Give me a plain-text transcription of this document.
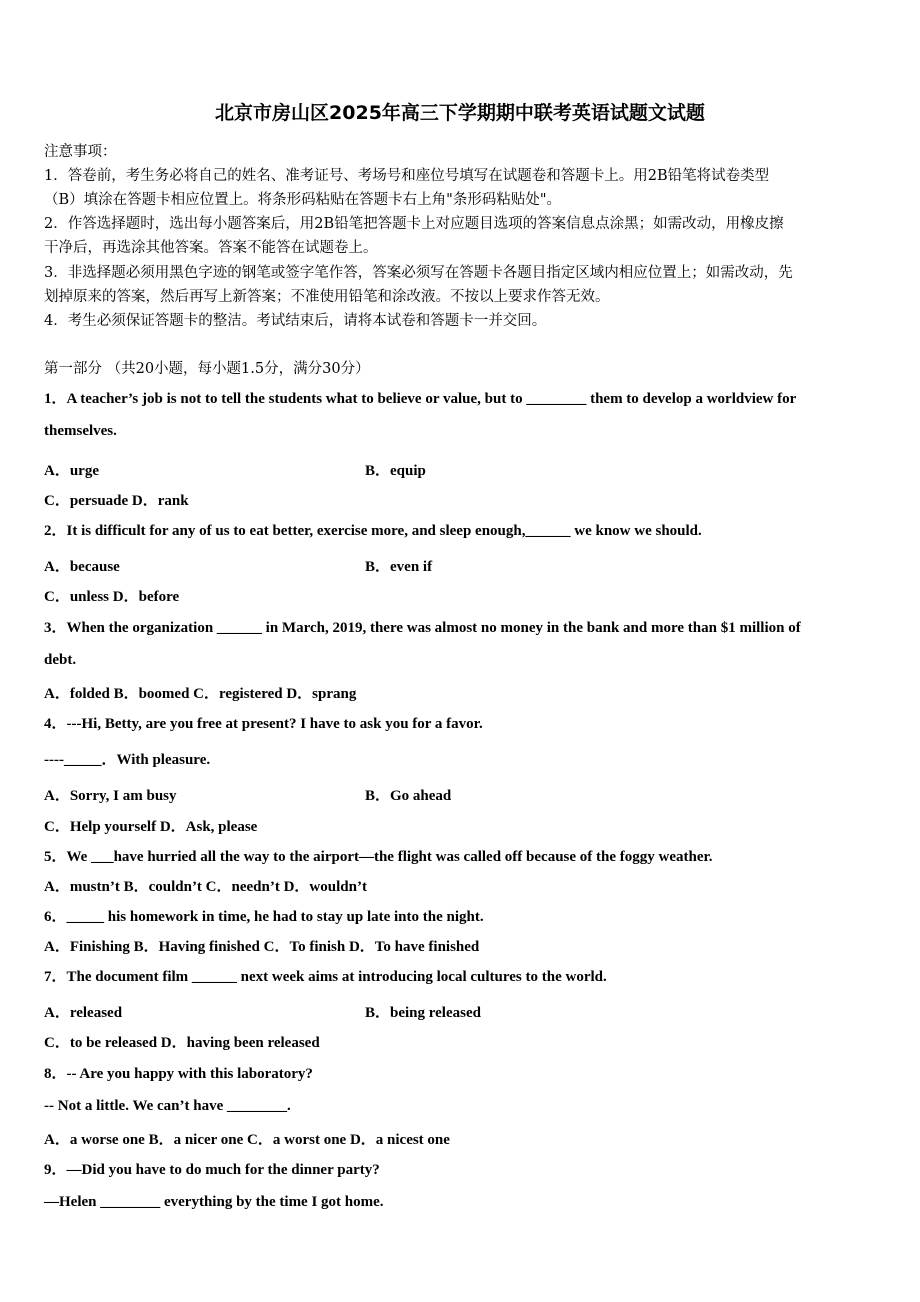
北京市房山区2025年高三下学期期中联考英语试题文试题
注意事项：
1．答卷前，考生务必将自己的姓名、准考证号、考场号和座位号填写在试题卷和答题卡上。用2B铅笔将试卷类型
（B）填涂在答题卡相应位置上。将条形码粘贴在答题卡右上角"条形码粘贴处"。
2．作答选择题时，选出每小题答案后，用2B铅笔把答题卡上对应题目选项的答案信息点涂黑；如需改动，用橡皮擦
干净后，再选涂其他答案。答案不能答在试题卷上。
3．非选择题必须用黑色字迹的钢笔或签字笔作答，答案必须写在答题卡各题目指定区域内相应位置上；如需改动，先
划掉原来的答案，然后再写上新答案；不准使用铅笔和涂改液。不按以上要求作答无效。
4．考生必须保证答题卡的整洁。考试结束后，请将本试卷和答题卡一并交回。
第一部分 （共20小题，每小题1.5分，满分30分）
1．A teacher’s job is not to tell the students what to believe or value, but to ________ them to develop a worldview for
themselves.
A．urge	B．equip
C．persuade D．rank
2．It is difficult for any of us to eat better, exercise more, and sleep enough,______ we know we should.
A．because	B．even if
C．unless D．before
3．When the organization ______ in March, 2019, there was almost no money in the bank and more than $1 million of
debt.
A．folded B．boomed C．registered D．sprang
4．---Hi, Betty, are you free at present? I have to ask you for a favor.
----_____．With pleasure.
A．Sorry, I am busy	B．Go ahead
C．Help yourself D．Ask, please
5．We ___have hurried all the way to the airport—the flight was called off because of the foggy weather.
A．mustn’t B．couldn’t C．needn’t D．wouldn’t
6．_____ his homework in time, he had to stay up late into the night.
A．Finishing B．Having finished C．To finish D．To have finished
7．The document film ______ next week aims at introducing local cultures to the world.
A．released	B．being released
C．to be released D．having been released
8．-- Are you happy with this laboratory?
-- Not a little. We can’t have ________.
A．a worse one B．a nicer one C．a worst one D．a nicest one
9．—Did you have to do much for the dinner party?
—Helen ________ everything by the time I got home.
